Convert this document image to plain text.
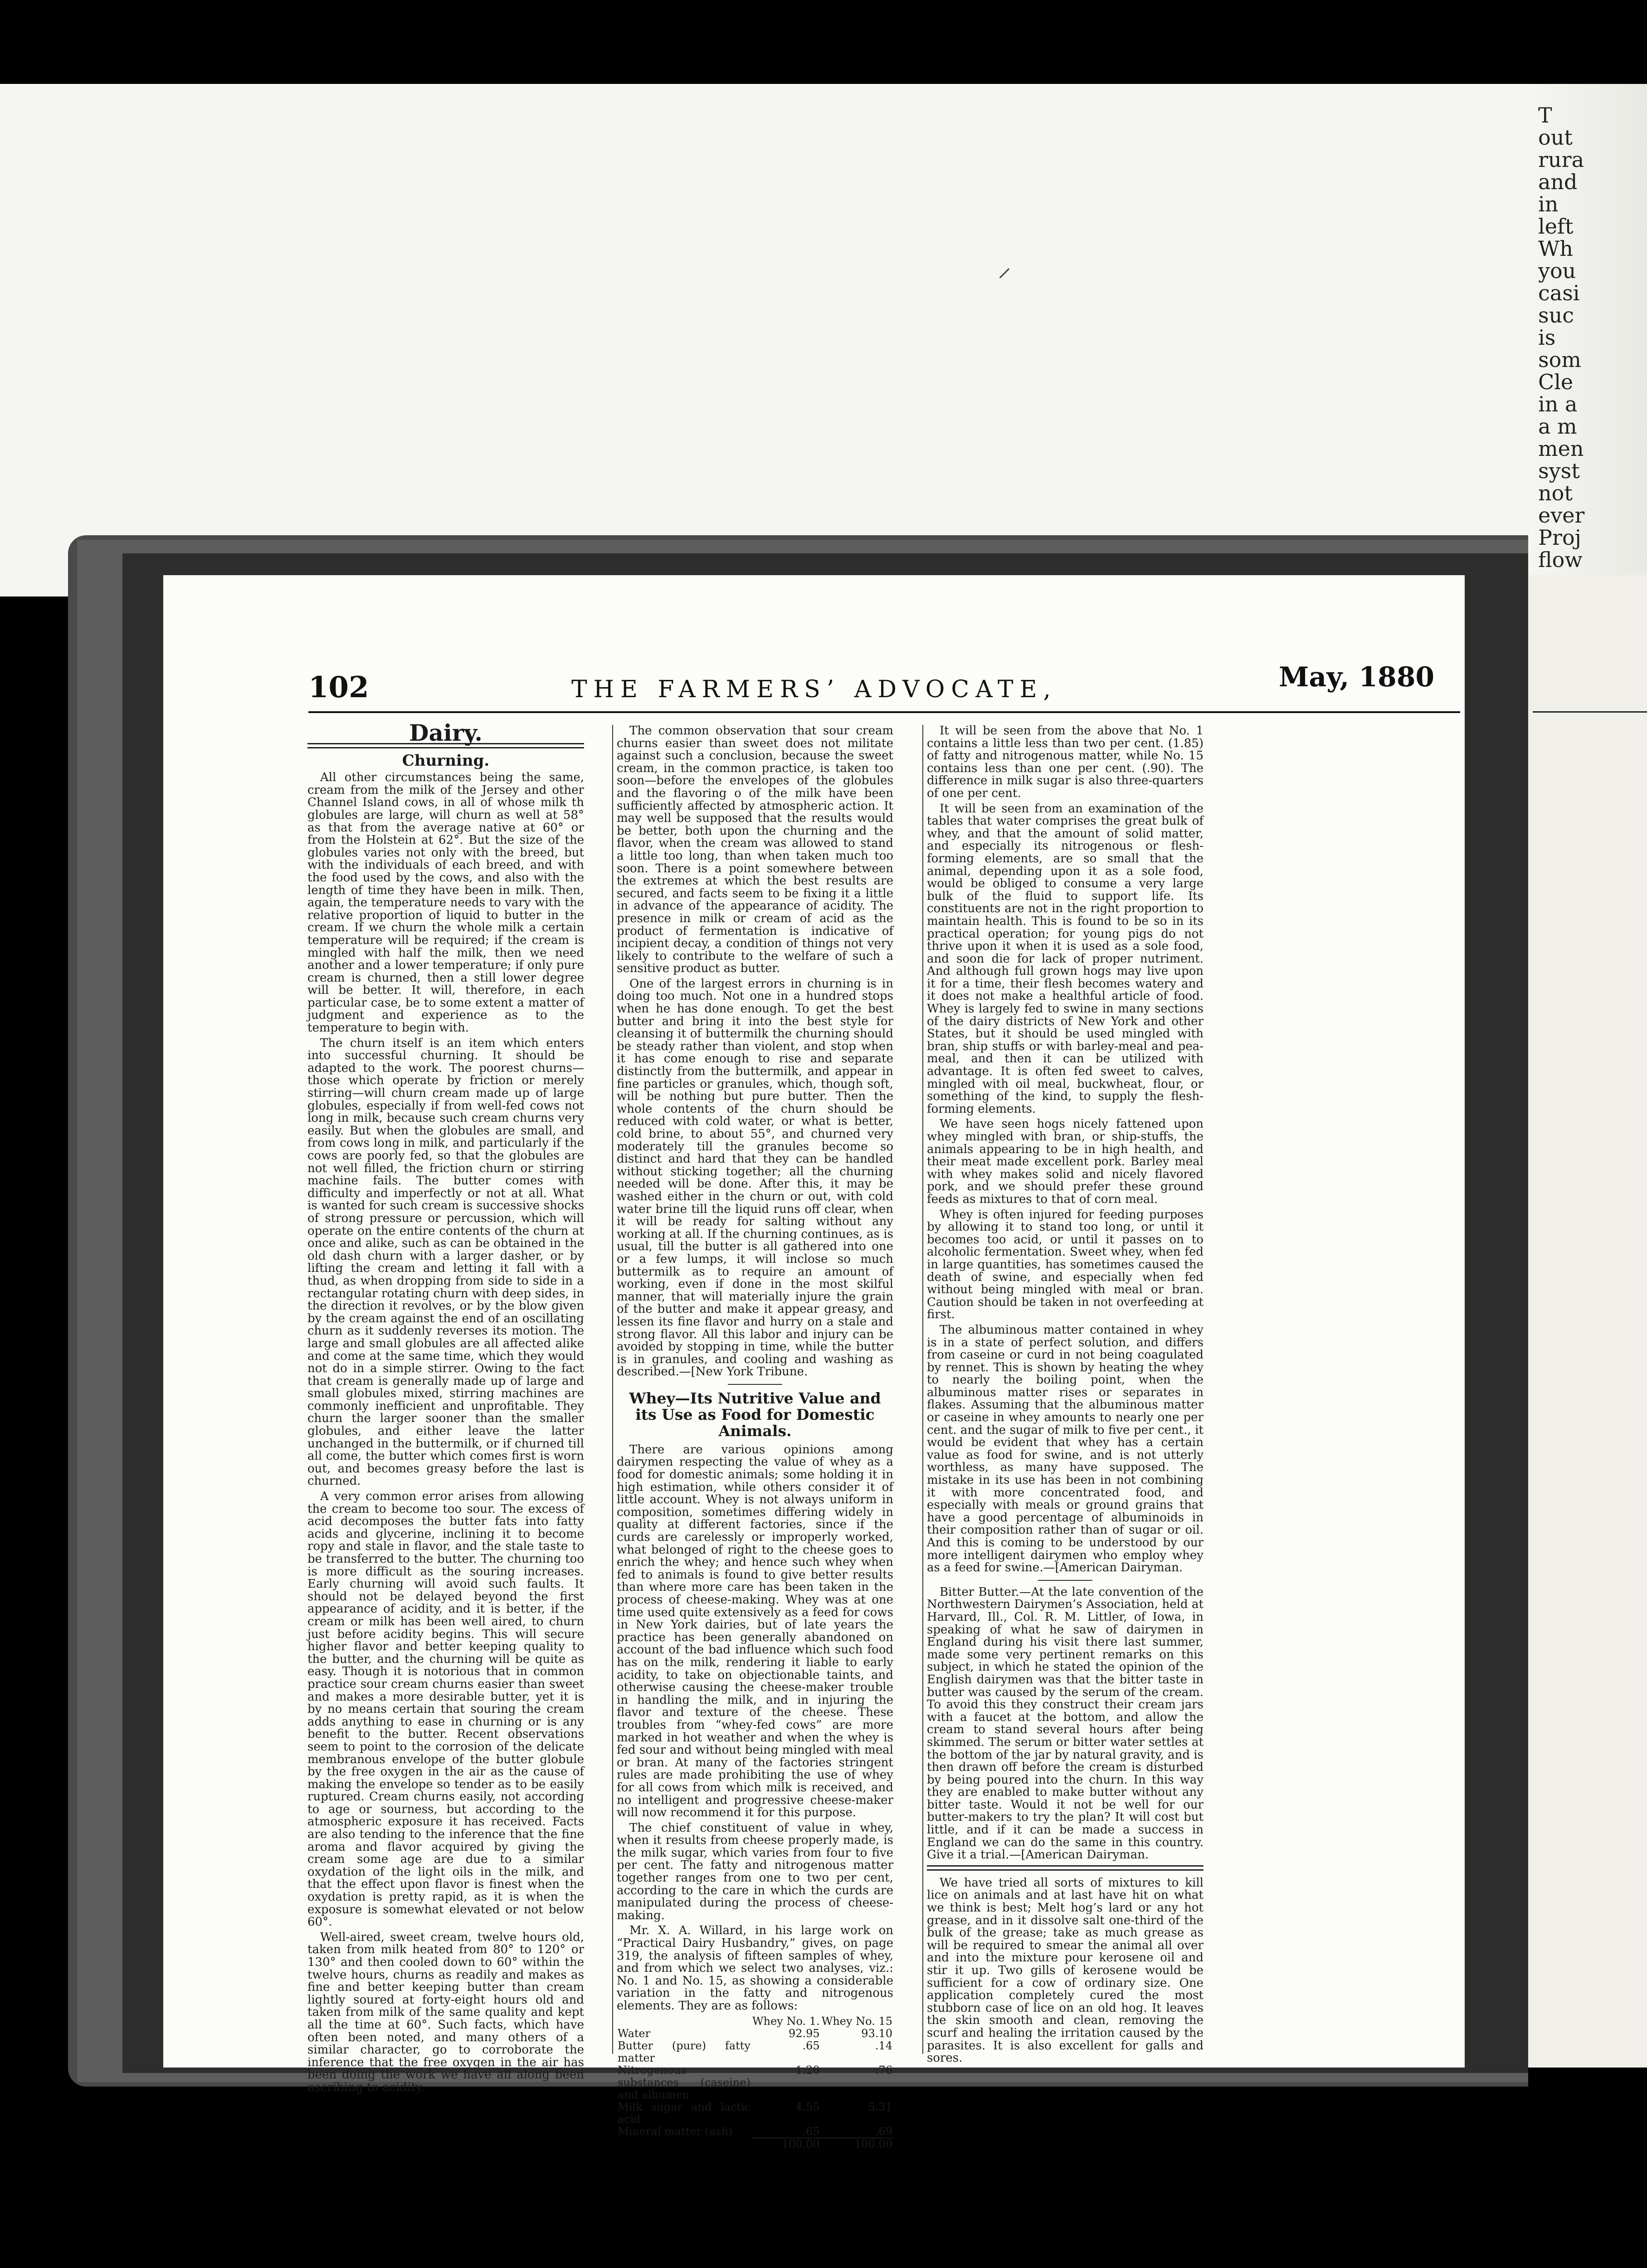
⸍
T
out
rura
and
in
left
Wh
you
casi
suc
is
som
Cle
in a
a m
men
syst
not
ever
Proj
flow

102	THE FARMERS’ ADVOCATE,	May, 1880
Dairy.
Churning.

All other circumstances being the same, cream from the milk of the Jersey and other Channel Island cows, in all of whose milk th globules are large, will churn as well at 58° as that from the average native at 60° or from the Holstein at 62°. But the size of the globules varies not only with the breed, but with the individuals of each breed, and with the food used by the cows, and also with the length of time they have been in milk. Then, again, the temperature needs to vary with the relative proportion of liquid to butter in the cream. If we churn the whole milk a certain temperature will be required; if the cream is mingled with half the milk, then we need another and a lower temperature; if only pure cream is churned, then a still lower degree will be better. It will, therefore, in each particular case, be to some extent a matter of judgment and experience as to the temperature to begin with.

The churn itself is an item which enters into successful churning. It should be adapted to the work. The poorest churns—those which operate by friction or merely stirring—will churn cream made up of large globules, especially if from well-fed cows not long in milk, because such cream churns very easily. But when the globules are small, and from cows long in milk, and particularly if the cows are poorly fed, so that the globules are not well filled, the friction churn or stirring machine fails. The butter comes with difficulty and imperfectly or not at all. What is wanted for such cream is successive shocks of strong pressure or percussion, which will operate on the entire contents of the churn at once and alike, such as can be obtained in the old dash churn with a larger dasher, or by lifting the cream and letting it fall with a thud, as when dropping from side to side in a rectangular rotating churn with deep sides, in the direction it revolves, or by the blow given by the cream against the end of an oscillating churn as it suddenly reverses its motion. The large and small globules are all affected alike and come at the same time, which they would not do in a simple stirrer. Owing to the fact that cream is generally made up of large and small globules mixed, stirring machines are commonly inefficient and unprofitable. They churn the larger sooner than the smaller globules, and either leave the latter unchanged in the buttermilk, or if churned till all come, the butter which comes first is worn out, and becomes greasy before the last is churned.

A very common error arises from allowing the cream to become too sour. The excess of acid decomposes the butter fats into fatty acids and glycerine, inclining it to become ropy and stale in flavor, and the stale taste to be transferred to the butter. The churning too is more difficult as the souring increases. Early churning will avoid such faults. It should not be delayed beyond the first appearance of acidity, and it is better, if the cream or milk has been well aired, to churn just before acidity begins. This will secure higher flavor and better keeping quality to the butter, and the churning will be quite as easy. Though it is notorious that in common practice sour cream churns easier than sweet and makes a more desirable butter, yet it is by no means certain that souring the cream adds anything to ease in churning or is any benefit to the butter. Recent observations seem to point to the corrosion of the delicate membranous envelope of the butter globule by the free oxygen in the air as the cause of making the envelope so tender as to be easily ruptured. Cream churns easily, not according to age or sourness, but according to the atmospheric exposure it has received. Facts are also tending to the inference that the fine aroma and flavor acquired by giving the cream some age are due to a similar oxydation of the light oils in the milk, and that the effect upon flavor is finest when the oxydation is pretty rapid, as it is when the exposure is somewhat elevated or not below 60°.

Well-aired, sweet cream, twelve hours old, taken from milk heated from 80° to 120° or 130° and then cooled down to 60° within the twelve hours, churns as readily and makes as fine and better keeping butter than cream lightly soured at forty-eight hours old and taken from milk of the same quality and kept all the time at 60°. Such facts, which have often been noted, and many others of a similar character, go to corroborate the inference that the free oxygen in the air has been doing the work we have all along been ascribing to acidity.

The common observation that sour cream churns easier than sweet does not militate against such a conclusion, because the sweet cream, in the common practice, is taken too soon—before the envelopes of the globules and the flavoring o of the milk have been sufficiently affected by atmospheric action. It may well be supposed that the results would be better, both upon the churning and the flavor, when the cream was allowed to stand a little too long, than when taken much too soon. There is a point somewhere between the extremes at which the best results are secured, and facts seem to be fixing it a little in advance of the appearance of acidity. The presence in milk or cream of acid as the product of fermentation is indicative of incipient decay, a condition of things not very likely to contribute to the welfare of such a sensitive product as butter.

One of the largest errors in churning is in doing too much. Not one in a hundred stops when he has done enough. To get the best butter and bring it into the best style for cleansing it of buttermilk the churning should be steady rather than violent, and stop when it has come enough to rise and separate distinctly from the buttermilk, and appear in fine particles or granules, which, though soft, will be nothing but pure butter. Then the whole contents of the churn should be reduced with cold water, or what is better, cold brine, to about 55°, and churned very moderately till the granules become so distinct and hard that they can be handled without sticking together; all the churning needed will be done. After this, it may be washed either in the churn or out, with cold water brine till the liquid runs off clear, when it will be ready for salting without any working at all. If the churning continues, as is usual, till the butter is all gathered into one or a few lumps, it will inclose so much buttermilk as to require an amount of working, even if done in the most skilful manner, that will materially injure the grain of the butter and make it appear greasy, and lessen its fine flavor and hurry on a stale and strong flavor. All this labor and injury can be avoided by stopping in time, while the butter is in granules, and cooling and washing as described.—[New York Tribune.

Whey—Its Nutritive Value and its Use as Food for Domestic Animals.

There are various opinions among dairymen respecting the value of whey as a food for domestic animals; some holding it in high estimation, while others consider it of little account. Whey is not always uniform in composition, sometimes differing widely in quality at different factories, since if the curds are carelessly or improperly worked, what belonged of right to the cheese goes to enrich the whey; and hence such whey when fed to animals is found to give better results than where more care has been taken in the process of cheese-making. Whey was at one time used quite extensively as a feed for cows in New York dairies, but of late years the practice has been generally abandoned on account of the bad influence which such food has on the milk, rendering it liable to early acidity, to take on objectionable taints, and otherwise causing the cheese-maker trouble in handling the milk, and in injuring the flavor and texture of the cheese. These troubles from “whey-fed cows” are more marked in hot weather and when the whey is fed sour and without being mingled with meal or bran. At many of the factories stringent rules are made prohibiting the use of whey for all cows from which milk is received, and no intelligent and progressive cheese-maker will now recommend it for this purpose.

The chief constituent of value in whey, when it results from cheese properly made, is the milk sugar, which varies from four to five per cent. The fatty and nitrogenous matter together ranges from one to two per cent, according to the care in which the curds are manipulated during the process of cheese-making.

Mr. X. A. Willard, in his large work on “Practical Dairy Husbandry,” gives, on page 319, the analysis of fifteen samples of whey, and from which we select two analyses, viz.: No. 1 and No. 15, as showing a considerable variation in the fatty and nitrogenous elements. They are as follows:

	Whey No. 1.	Whey No. 15
Water	92.95	93.10
Butter (pure) fatty matter	.65	.14
Nitrogenous substances (caseine) and albumen	1.20	.76
Milk sugar and lactic acid	4.55	5.31
Mineral matter (ash)	.65	.69
	100.00	100.00

It will be seen from the above that No. 1 contains a little less than two per cent. (1.85) of fatty and nitrogenous matter, while No. 15 contains less than one per cent. (.90). The difference in milk sugar is also three-quarters of one per cent.

It will be seen from an examination of the tables that water comprises the great bulk of whey, and that the amount of solid matter, and especially its nitrogenous or flesh-forming elements, are so small that the animal, depending upon it as a sole food, would be obliged to consume a very large bulk of the fluid to support life. Its constituents are not in the right proportion to maintain health. This is found to be so in its practical operation; for young pigs do not thrive upon it when it is used as a sole food, and soon die for lack of proper nutriment. And although full grown hogs may live upon it for a time, their flesh becomes watery and it does not make a healthful article of food. Whey is largely fed to swine in many sections of the dairy districts of New York and other States, but it should be used mingled with bran, ship stuffs or with barley-meal and pea-meal, and then it can be utilized with advantage. It is often fed sweet to calves, mingled with oil meal, buckwheat, flour, or something of the kind, to supply the flesh-forming elements.

We have seen hogs nicely fattened upon whey mingled with bran, or ship-stuffs, the animals appearing to be in high health, and their meat made excellent pork. Barley meal with whey makes solid and nicely flavored pork, and we should prefer these ground feeds as mixtures to that of corn meal.

Whey is often injured for feeding purposes by allowing it to stand too long, or until it becomes too acid, or until it passes on to alcoholic fermentation. Sweet whey, when fed in large quantities, has sometimes caused the death of swine, and especially when fed without being mingled with meal or bran. Caution should be taken in not overfeeding at first.

The albuminous matter contained in whey is in a state of perfect solution, and differs from caseine or curd in not being coagulated by rennet. This is shown by heating the whey to nearly the boiling point, when the albuminous matter rises or separates in flakes. Assuming that the albuminous matter or caseine in whey amounts to nearly one per cent. and the sugar of milk to five per cent., it would be evident that whey has a certain value as food for swine, and is not utterly worthless, as many have supposed. The mistake in its use has been in not combining it with more concentrated food, and especially with meals or ground grains that have a good percentage of albuminoids in their composition rather than of sugar or oil. And this is coming to be understood by our more intelligent dairymen who employ whey as a feed for swine.—[American Dairyman.

Bitter Butter.—At the late convention of the Northwestern Dairymen’s Association, held at Harvard, Ill., Col. R. M. Littler, of Iowa, in speaking of what he saw of dairymen in England during his visit there last summer, made some very pertinent remarks on this subject, in which he stated the opinion of the English dairymen was that the bitter taste in butter was caused by the serum of the cream. To avoid this they construct their cream jars with a faucet at the bottom, and allow the cream to stand several hours after being skimmed. The serum or bitter water settles at the bottom of the jar by natural gravity, and is then drawn off before the cream is disturbed by being poured into the churn. In this way they are enabled to make butter without any bitter taste. Would it not be well for our butter-makers to try the plan? It will cost but little, and if it can be made a success in England we can do the same in this country. Give it a trial.—[American Dairyman.

We have tried all sorts of mixtures to kill lice on animals and at last have hit on what we think is best; Melt hog’s lard or any hot grease, and in it dissolve salt one-third of the bulk of the grease; take as much grease as will be required to smear the animal all over and into the mixture pour kerosene oil and stir it up. Two gills of kerosene would be sufficient for a cow of ordinary size. One application completely cured the most stubborn case of lice on an old hog. It leaves the skin smooth and clean, removing the scurf and healing the irritation caused by the parasites. It is also excellent for galls and sores.
